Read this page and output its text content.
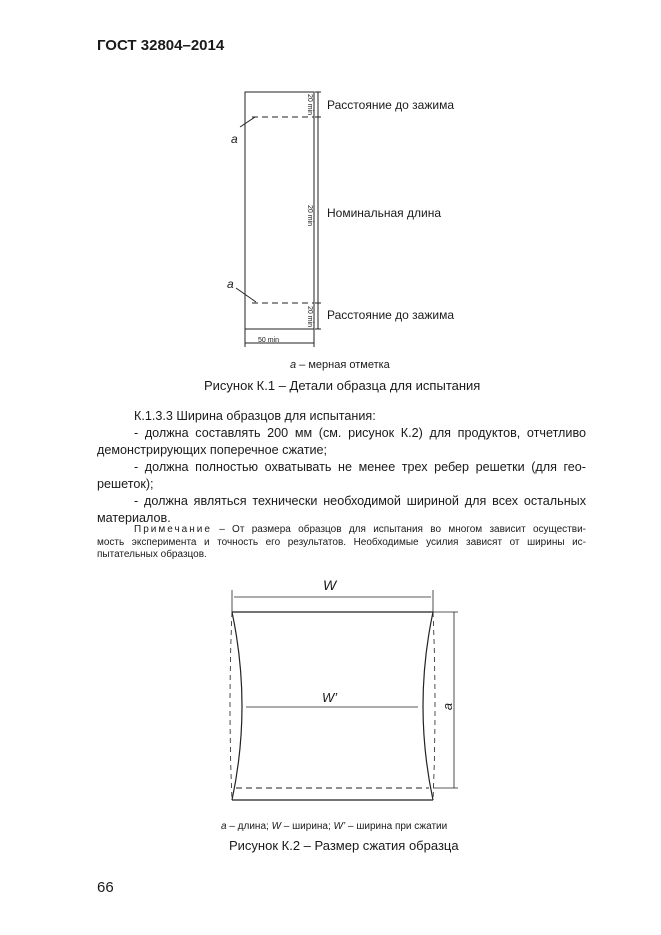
ГОСТ 32804–2014
Расстояние до зажима
Номинальная длина
Расстояние до зажима
a
a
20 min
20 min
20 min
50 min
a – мерная отметка
Рисунок К.1 – Детали образца для испытания
К.1.3.3 Ширина образцов для испытания:
- должна составлять 200 мм (см. рисунок К.2) для продуктов, отчетливо
демонстрирующих поперечное сжатие;
- должна полностью охватывать не менее трех ребер решетки (для гео-
решеток);
- должна являться технически необходимой шириной для всех остальных
материалов.
Примечание – От размера образцов для испытания во многом зависит осуществи-
мость эксперимента и точность его результатов. Необходимые усилия зависят от ширины ис-
пытательных образцов.
W
W’
a
a – длина; W – ширина; W’ – ширина при сжатии
Рисунок К.2 – Размер сжатия образца
66
